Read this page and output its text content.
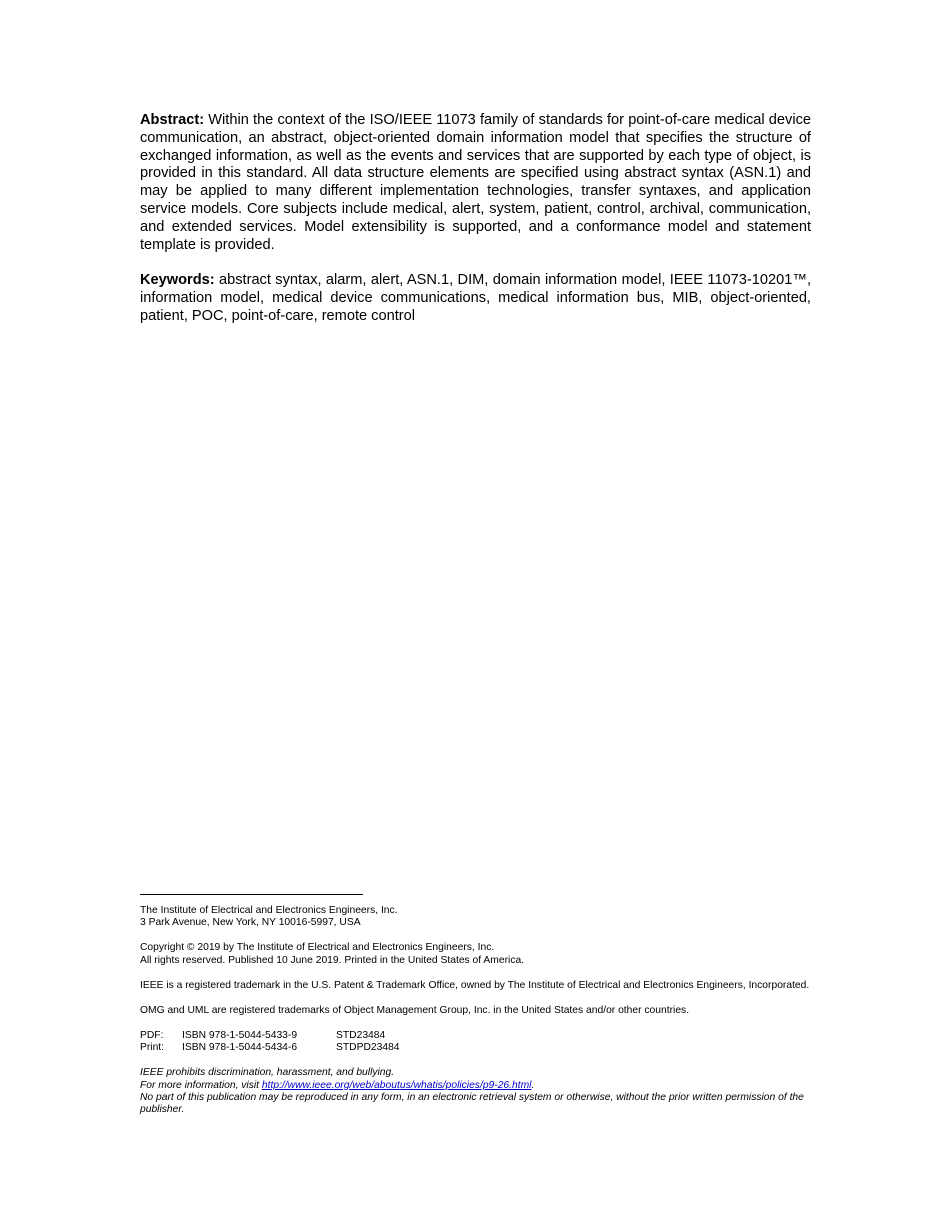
Abstract: Within the context of the ISO/IEEE 11073 family of standards for point-of-care medical device communication, an abstract, object-oriented domain information model that specifies the structure of exchanged information, as well as the events and services that are supported by each type of object, is provided in this standard. All data structure elements are specified using abstract syntax (ASN.1) and may be applied to many different implementation technologies, transfer syntaxes, and application service models. Core subjects include medical, alert, system, patient, control, archival, communication, and extended services. Model extensibility is supported, and a conformance model and statement template is provided.

Keywords: abstract syntax, alarm, alert, ASN.1, DIM, domain information model, IEEE 11073-10201™, information model, medical device communications, medical information bus, MIB, object-oriented, patient, POC, point-of-care, remote control

The Institute of Electrical and Electronics Engineers, Inc.

3 Park Avenue, New York, NY 10016-5997, USA

Copyright © 2019 by The Institute of Electrical and Electronics Engineers, Inc.

All rights reserved. Published 10 June 2019. Printed in the United States of America.

IEEE is a registered trademark in the U.S. Patent & Trademark Office, owned by The Institute of Electrical and Electronics Engineers, Incorporated.

OMG and UML are registered trademarks of Object Management Group, Inc. in the United States and/or other countries.

PDF:	ISBN 978-1-5044-5433-9	STD23484
Print:	ISBN 978-1-5044-5434-6	STDPD23484

IEEE prohibits discrimination, harassment, and bullying.

For more information, visit http://www.ieee.org/web/aboutus/whatis/policies/p9-26.html.

No part of this publication may be reproduced in any form, in an electronic retrieval system or otherwise, without the prior written permission of the publisher.
